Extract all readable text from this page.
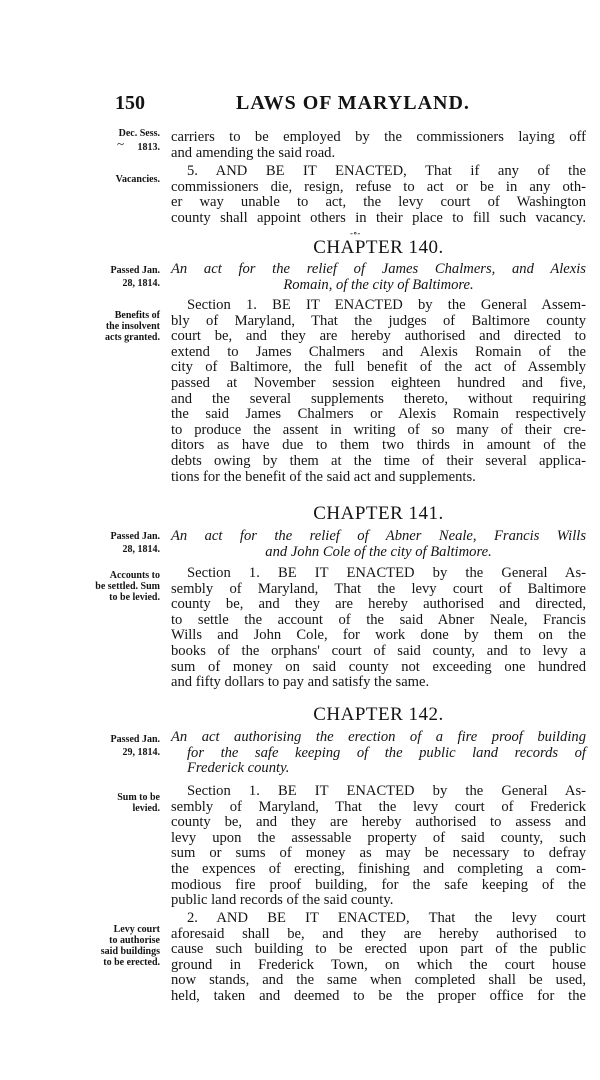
150	LAWS OF MARYLAND.
Dec. Sess.
1813.
~
Vacancies.
Passed Jan.
28, 1814.
Benefits of
the insolvent
acts granted.
Passed Jan.
28, 1814.
Accounts to
be settled. Sum
to be levied.
Passed Jan.
29, 1814.
Sum to be
levied.
Levy court
to authorise
said buildings
to be erected.
carriers to be employed by the commissioners laying off
and amending the said road.
5. AND BE IT ENACTED, That if any of the
commissioners die, resign, refuse to act or be in any oth-
er way unable to act, the levy court of Washington
county shall appoint others in their place to fill such vacancy.
-∘-
CHAPTER 140.
An act for the relief of James Chalmers, and Alexis
Romain, of the city of Baltimore.
Section 1. BE IT ENACTED by the General Assem-
bly of Maryland, That the judges of Baltimore county
court be, and they are hereby authorised and directed to
extend to James Chalmers and Alexis Romain of the
city of Baltimore, the full benefit of the act of Assembly
passed at November session eighteen hundred and five,
and the several supplements thereto, without requiring
the said James Chalmers or Alexis Romain respectively
to produce the assent in writing of so many of their cre-
ditors as have due to them two thirds in amount of the
debts owing by them at the time of their several applica-
tions for the benefit of the said act and supplements.
CHAPTER 141.
An act for the relief of Abner Neale, Francis Wills
and John Cole of the city of Baltimore.
Section 1. BE IT ENACTED by the General As-
sembly of Maryland, That the levy court of Baltimore
county be, and they are hereby authorised and directed,
to settle the account of the said Abner Neale, Francis
Wills and John Cole, for work done by them on the
books of the orphans' court of said county, and to levy a
sum of money on said county not exceeding one hundred
and fifty dollars to pay and satisfy the same.
CHAPTER 142.
An act authorising the erection of a fire proof building
for the safe keeping of the public land records of
Frederick county.
Section 1. BE IT ENACTED by the General As-
sembly of Maryland, That the levy court of Frederick
county be, and they are hereby authorised to assess and
levy upon the assessable property of said county, such
sum or sums of money as may be necessary to defray
the expences of erecting, finishing and completing a com-
modious fire proof building, for the safe keeping of the
public land records of the said county.
2. AND BE IT ENACTED, That the levy court
aforesaid shall be, and they are hereby authorised to
cause such building to be erected upon part of the public
ground in Frederick Town, on which the court house
now stands, and the same when completed shall be used,
held, taken and deemed to be the proper office for the
